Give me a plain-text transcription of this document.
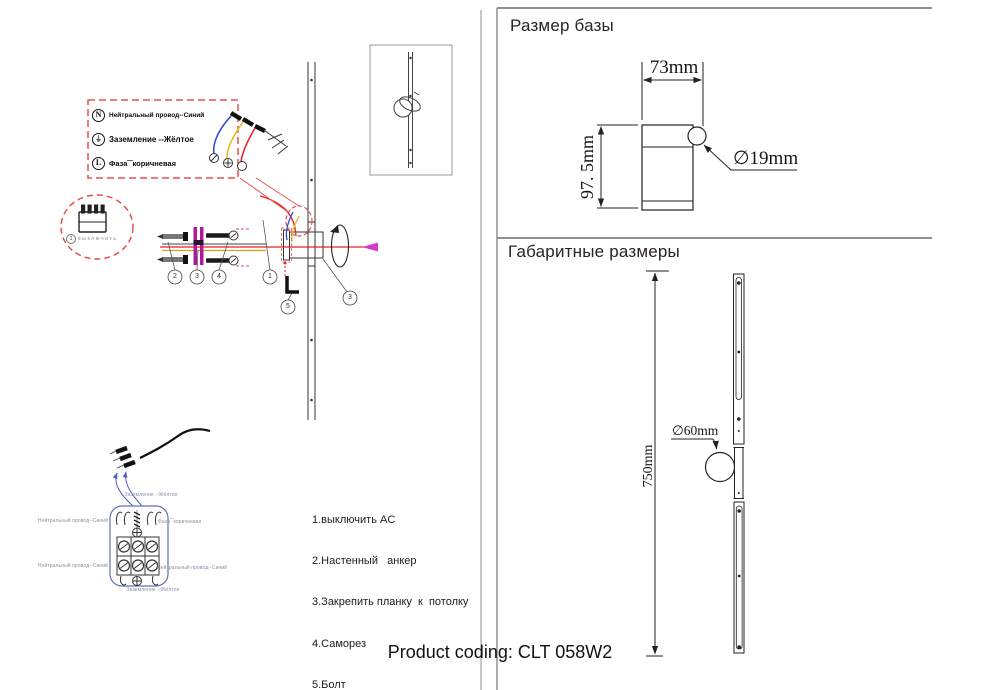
N	Нейтральный провод--Синий
⏚ Заземление --Жёлтое
L	Фаза‾‾коричневая
1	выключить
2	3	4	1
5
3

1.выключить AC

2.Настенный   анкер

3.Закрепить планку  к  потолку

4.Саморез

5.Болт

Заземление --Жёлтое
Нейтральный провод--Синий	Фаза‾‾коричневая
Нейтральный провод--Синий	Нейтральный провод--Синий
Заземление --Жёлтое
Размер базы
73mm
97. 5mm	∅19mm
Габаритные размеры
750mm
∅60mm
Product coding: CLT 058W2
